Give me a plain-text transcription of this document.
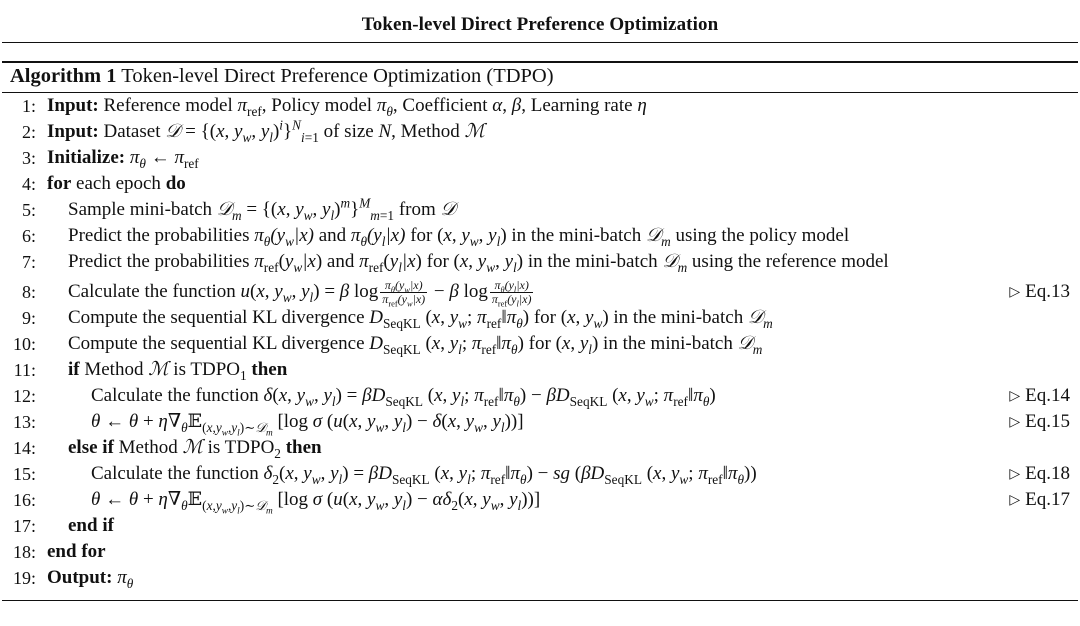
Token-level Direct Preference Optimization
Algorithm 1 Token-level Direct Preference Optimization (TDPO)
1: Input: Reference model $\pi_{ref}$, Policy model $\pi_\theta$, Coefficient α, β, Learning rate η
2: Input: Dataset 𝒟 = {(x, $y_w$, $y_l)^i\}^N_{i=1}$ of size N, Method ℳ
3: Initialize: $\pi_\theta$ ← $\pi_{ref}$
4: for each epoch do
5: Sample mini-batch 𝒟$_m$ = {(x, $y_w$, $y_l)^m\}^M_{m=1}$ from 𝒟
6: Predict the probabilities $\pi_\theta(y_w|x)$ and $\pi_\theta(y_l|x)$ for (x, $y_w$, $y_l$) in the mini-batch 𝒟$_m$ using the policy model
7: Predict the probabilities $\pi_{ref}(y_w|x)$ and $\pi_{ref}(y_l|x)$ for (x, $y_w$, $y_l$) in the mini-batch 𝒟$_m$ using the reference model
8: Calculate the function u(x, $y_w$, $y_l) = \beta$ $\log \frac{\pi_\theta(y_w|x)}{\pi_{ref}(y_w|x)} - \beta$ $\log \frac{\pi_\theta(y_l|x)}{\pi_{ref}(y_l|x)}$	▷ Eq.13
9: Compute the sequential KL divergence $D_{SeqKL}$ (x, $y_w$; $\pi_{ref}‖\pi_\theta$) for (x, $y_w$) in the mini-batch 𝒟$_m$
10: Compute the sequential KL divergence $D_{SeqKL}$ (x, $y_l$; $\pi_{ref}‖\pi_\theta$) for (x, $y_l$) in the mini-batch 𝒟$_m$
11: if Method ℳ is $TDPO_1$ then
12:	Calculate the function δ(x, $y_w$, $y_l) = \beta D_{SeqKL}$ (x, $y_l$; $\pi_{ref}‖\pi_\theta) - \beta D_{SeqKL}$ (x, $y_w$; $\pi_{ref}‖\pi_\theta$)	▷ Eq.14
13:	θ ← $\theta + \eta\nabla_\theta 𝔼_{(x,y_w,y_l)\sim 𝒟_m}$ [log σ (u(x, $y_w$, $y_l) - \delta(x$, $y_w$, $y_l$))]	▷ Eq.15
14: else if Method ℳ is $TDPO_2$ then
15:	Calculate the function $\delta_2(x$, $y_w$, $y_l) = \beta D_{SeqKL}$ (x, $y_l$; $\pi_{ref}‖\pi_\theta$) − sg ($\beta D_{SeqKL}$ (x, $y_w$; $\pi_{ref}‖\pi_\theta$))	▷ Eq.18
16:	θ ← $\theta + \eta\nabla_\theta 𝔼_{(x,y_w,y_l)\sim 𝒟_m}$ [log σ (u(x, $y_w$, $y_l) - \alpha\delta_2(x$, $y_w$, $y_l$))]	▷ Eq.17
17: end if
18: end for
19: Output: $\pi_\theta$
